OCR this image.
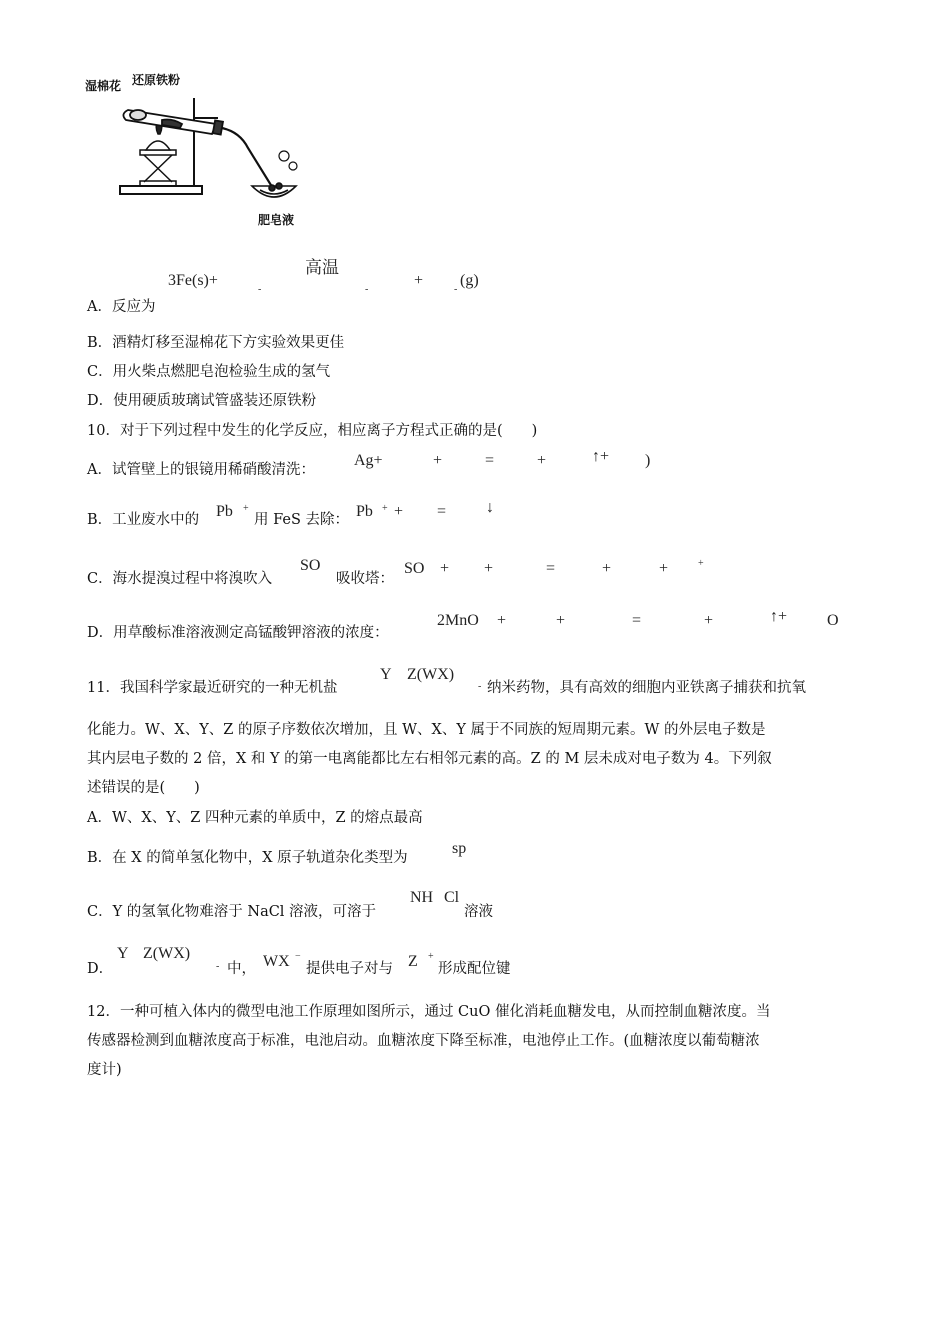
湿棉花 还原铁粉
肥皂液
高温
3Fe(s)+
-	-
+
-
(g)
A．反应为
B．酒精灯移至湿棉花下方实验效果更佳
C．用火柴点燃肥皂泡检验生成的氢气
D．使用硬质玻璃试管盛装还原铁粉
10．对于下列过程中发生的化学反应，相应离子方程式正确的是(　　)
A．试管壁上的银镜用稀硝酸清洗：
Ag+	+	=	+	↑+ )
B．工业废水中的 Pb +
用 FeS 去除： Pb + + = ↓
C．海水提溴过程中将溴吹入
SO
吸收塔：
SO + +	=	+	+	+
D．用草酸标准溶液测定高锰酸钾溶液的浓度：
2MnO +	+	=	+	↑+ O
11．我国科学家最近研究的一种无机盐
Y Z(WX)
- 纳米药物，具有高效的细胞内亚铁离子捕获和抗氧
化能力。W、X、Y、Z 的原子序数依次增加，且 W、X、Y 属于不同族的短周期元素。W 的外层电子数是
其内层电子数的 2 倍，X 和 Y 的第一电离能都比左右相邻元素的高。Z 的 M 层未成对电子数为 4。下列叙
述错误的是(　　)
A．W、X、Y、Z 四种元素的单质中，Z 的熔点最高
B．在 X 的简单氢化物中，X 原子轨道杂化类型为
sp
C．Y 的氢氧化物难溶于 NaCl 溶液，可溶于
NH Cl
溶液
D．
Y Z(WX)
- 中， WX −
提供电子对与 Z +
形成配位键
12．一种可植入体内的微型电池工作原理如图所示，通过 CuO 催化消耗血糖发电，从而控制血糖浓度。当
传感器检测到血糖浓度高于标准，电池启动。血糖浓度下降至标准，电池停止工作。(血糖浓度以葡萄糖浓
度计)
